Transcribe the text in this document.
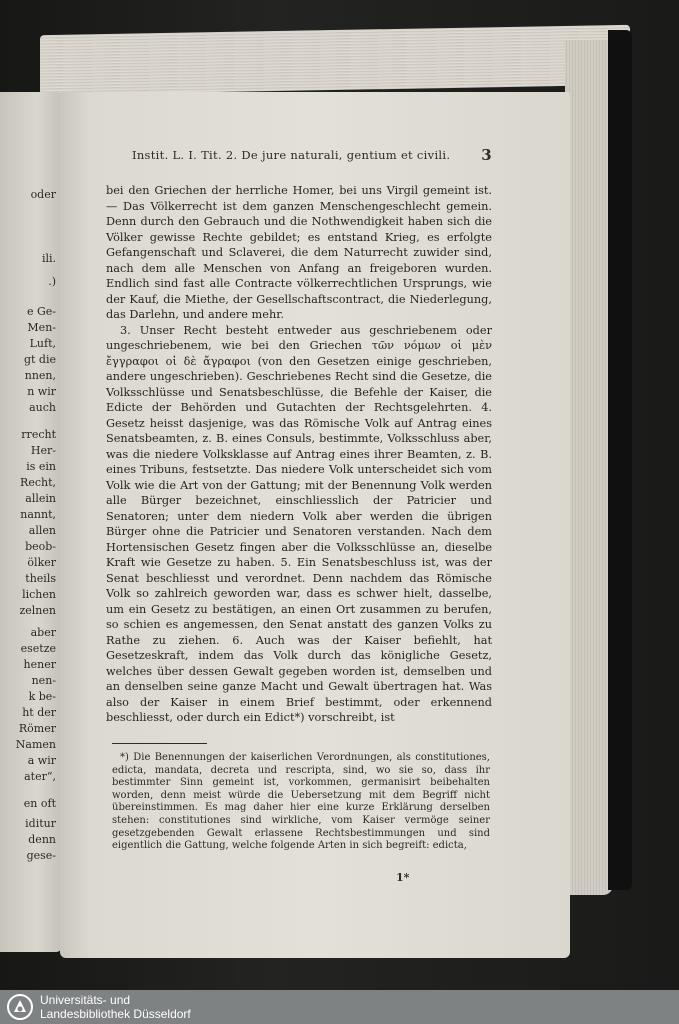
oder
ili.
.)
e Ge-
Men-
Luft,
gt die
nnen,
n wir
auch
rrecht
Her-
is ein
Recht,
allein
nannt,
allen
beob-
ölker
theils
lichen
zelnen
aber
esetze
hener
nen-
k be-
ht der
Römer
Namen
a wir
ater“,
en oft
iditur
denn
gese-
Instit. L. I. Tit. 2. De jure naturali, gentium et civili. 3

bei den Griechen der herrliche Homer, bei uns Virgil gemeint ist. — Das Völkerrecht ist dem ganzen Menschengeschlecht gemein. Denn durch den Gebrauch und die Nothwendigkeit haben sich die Völker gewisse Rechte gebildet; es entstand Krieg, es erfolgte Gefangenschaft und Sclaverei, die dem Naturrecht zuwider sind, nach dem alle Menschen von Anfang an freigeboren wurden. Endlich sind fast alle Contracte völkerrechtlichen Ursprungs, wie der Kauf, die Miethe, der Gesellschaftscontract, die Niederlegung, das Darlehn, und andere mehr.

3. Unser Recht besteht entweder aus geschriebenem oder ungeschriebenem, wie bei den Griechen τῶν νόμων οἱ μὲν ἔγγραφοι οἱ δὲ ἄγραφοι (von den Gesetzen einige geschrieben, andere ungeschrieben). Geschriebenes Recht sind die Gesetze, die Volksschlüsse und Senatsbeschlüsse, die Befehle der Kaiser, die Edicte der Behörden und Gutachten der Rechtsgelehrten. 4. Gesetz heisst dasjenige, was das Römische Volk auf Antrag eines Senatsbeamten, z. B. eines Consuls, bestimmte, Volksschluss aber, was die niedere Volksklasse auf Antrag eines ihrer Beamten, z. B. eines Tribuns, festsetzte. Das niedere Volk unterscheidet sich vom Volk wie die Art von der Gattung; mit der Benennung Volk werden alle Bürger bezeichnet, einschliesslich der Patricier und Senatoren; unter dem niedern Volk aber werden die übrigen Bürger ohne die Patricier und Senatoren verstanden. Nach dem Hortensischen Gesetz fingen aber die Volksschlüsse an, dieselbe Kraft wie Gesetze zu haben. 5. Ein Senatsbeschluss ist, was der Senat beschliesst und verordnet. Denn nachdem das Römische Volk so zahlreich geworden war, dass es schwer hielt, dasselbe, um ein Gesetz zu bestätigen, an einen Ort zusammen zu berufen, so schien es angemessen, den Senat anstatt des ganzen Volks zu Rathe zu ziehen. 6. Auch was der Kaiser befiehlt, hat Gesetzeskraft, indem das Volk durch das königliche Gesetz, welches über dessen Gewalt gegeben worden ist, demselben und an denselben seine ganze Macht und Gewalt übertragen hat. Was also der Kaiser in einem Brief bestimmt, oder erkennend beschliesst, oder durch ein Edict*) vorschreibt, ist

*) Die Benennungen der kaiserlichen Verordnungen, als constitutiones, edicta, mandata, decreta und rescripta, sind, wo sie so, dass ihr bestimmter Sinn gemeint ist, vorkommen, germanisirt beibehalten worden, denn meist würde die Uebersetzung mit dem Begriff nicht übereinstimmen. Es mag daher hier eine kurze Erklärung derselben stehen: constitutiones sind wirkliche, vom Kaiser vermöge seiner gesetzgebenden Gewalt erlassene Rechtsbestimmungen und sind eigentlich die Gattung, welche folgende Arten in sich begreift: edicta,

1*
Universitäts- und
Landesbibliothek Düsseldorf
